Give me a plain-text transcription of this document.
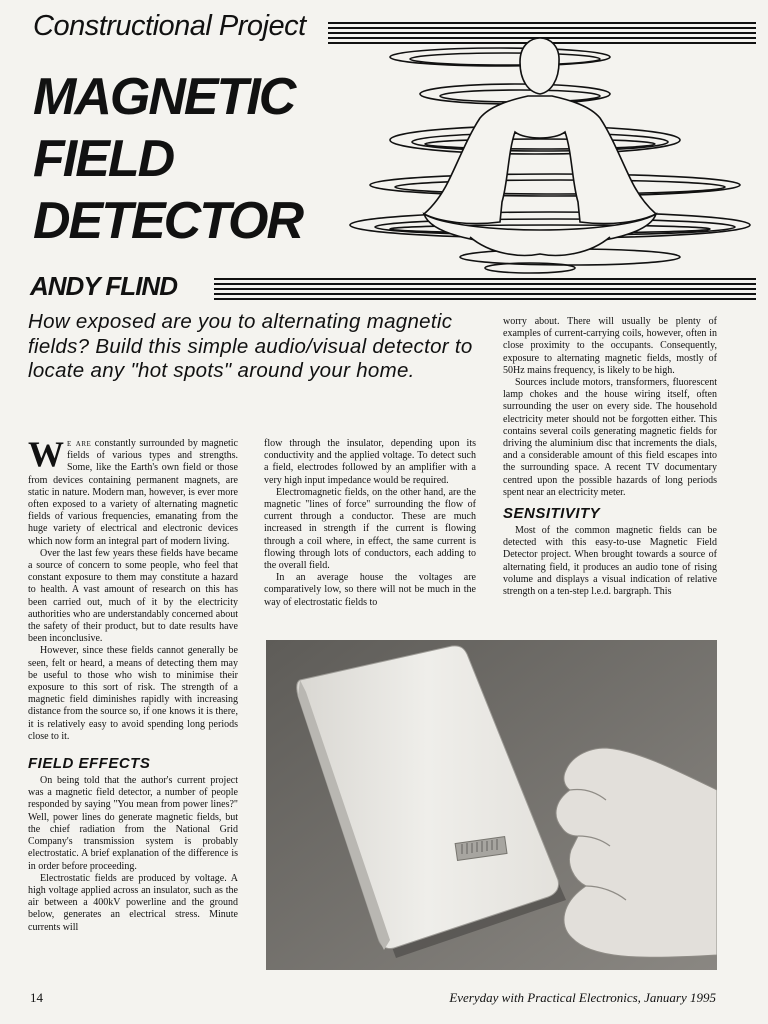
Constructional Project
MAGNETIC
FIELD
DETECTOR
ANDY FLIND

How exposed are you to alternating magnetic fields? Build this simple audio/visual detector to locate any "hot spots" around your home.

We are constantly surrounded by magnetic fields of various types and strengths. Some, like the Earth's own field or those from devices containing permanent magnets, are static in nature. Modern man, however, is ever more often exposed to a variety of alternating magnetic fields of various frequencies, emanating from the huge variety of electrical and electronic devices which now form an integral part of modern living.

Over the last few years these fields have became a source of concern to some people, who feel that constant exposure to them may constitute a hazard to health. A vast amount of research on this has been carried out, much of it by the electricity authorities who are understandably concerned about the safety of their product, but to date results have been inconclusive.

However, since these fields cannot generally be seen, felt or heard, a means of detecting them may be useful to those who wish to minimise their exposure to this sort of risk. The strength of a magnetic field diminishes rapidly with increasing distance from the source so, if one knows it is there, it is relatively easy to avoid spending long periods close to it.

FIELD EFFECTS

On being told that the author's current project was a magnetic field detector, a number of people responded by saying "You mean from power lines?" Well, power lines do generate magnetic fields, but the chief radiation from the National Grid Company's transmission system is probably electrostatic. A brief explanation of the difference is in order before proceeding.

Electrostatic fields are produced by voltage. A high voltage applied across an insulator, such as the air between a 400kV powerline and the ground below, generates an electrical stress. Minute currents will

flow through the insulator, depending upon its conductivity and the applied voltage. To detect such a field, electrodes followed by an amplifier with a very high input impedance would be required.

Electromagnetic fields, on the other hand, are the magnetic "lines of force" surrounding the flow of current through a conductor. These are much increased in strength if the current is flowing through a coil where, in effect, the same current is flowing through lots of conductors, each adding to the overall field.

In an average house the voltages are comparatively low, so there will not be much in the way of electrostatic fields to

worry about. There will usually be plenty of examples of current-carrying coils, however, often in close proximity to the occupants. Consequently, exposure to alternating magnetic fields, mostly of 50Hz mains frequency, is likely to be high.

Sources include motors, transformers, fluorescent lamp chokes and the house wiring itself, often surrounding the user on every side. The household electricity meter should not be forgotten either. This contains several coils generating magnetic fields for driving the aluminium disc that increments the dials, and a considerable amount of this field escapes into the surrounding space. A recent TV documentary centred upon the possible hazards of long periods spent near an electricity meter.

SENSITIVITY

Most of the common magnetic fields can be detected with this easy-to-use Magnetic Field Detector project. When brought towards a source of alternating field, it produces an audio tone of rising volume and displays a visual indication of relative strength on a ten-step l.e.d. bargraph. This

14	Everyday with Practical Electronics, January 1995
